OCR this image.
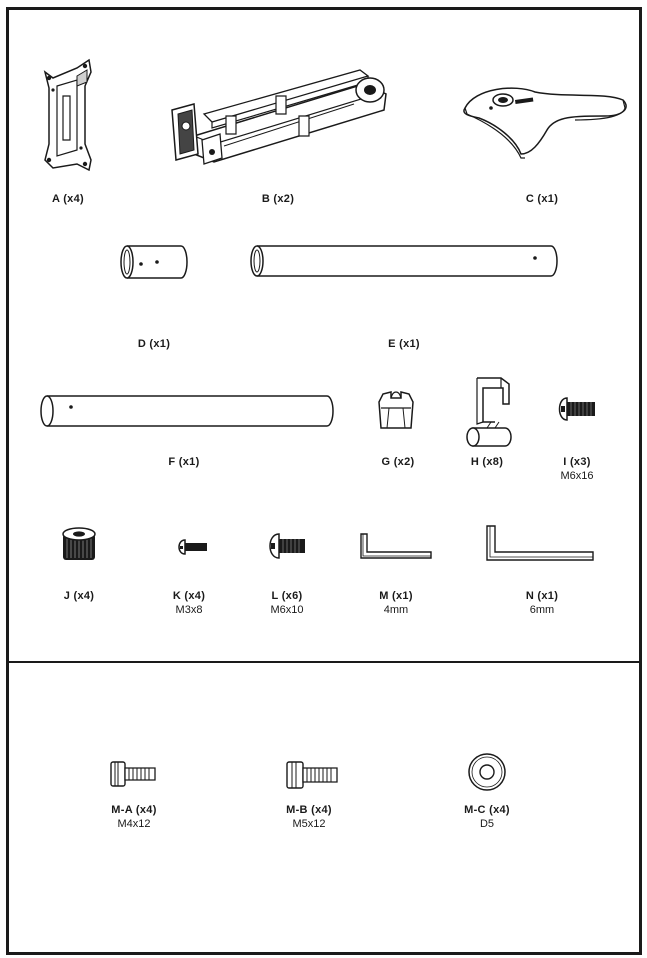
A (x4)	B (x2)	C (x1)
D (x1)	E (x1)
F (x1)	G (x2)	H (x8)	I (x3)
M6x16
J (x4)	K (x4)
M3x8
L (x6)
M6x10
M (x1)
4mm
N (x1)
6mm
M-A (x4)
M4x12
M-B (x4)
M5x12
M-C (x4)
D5
